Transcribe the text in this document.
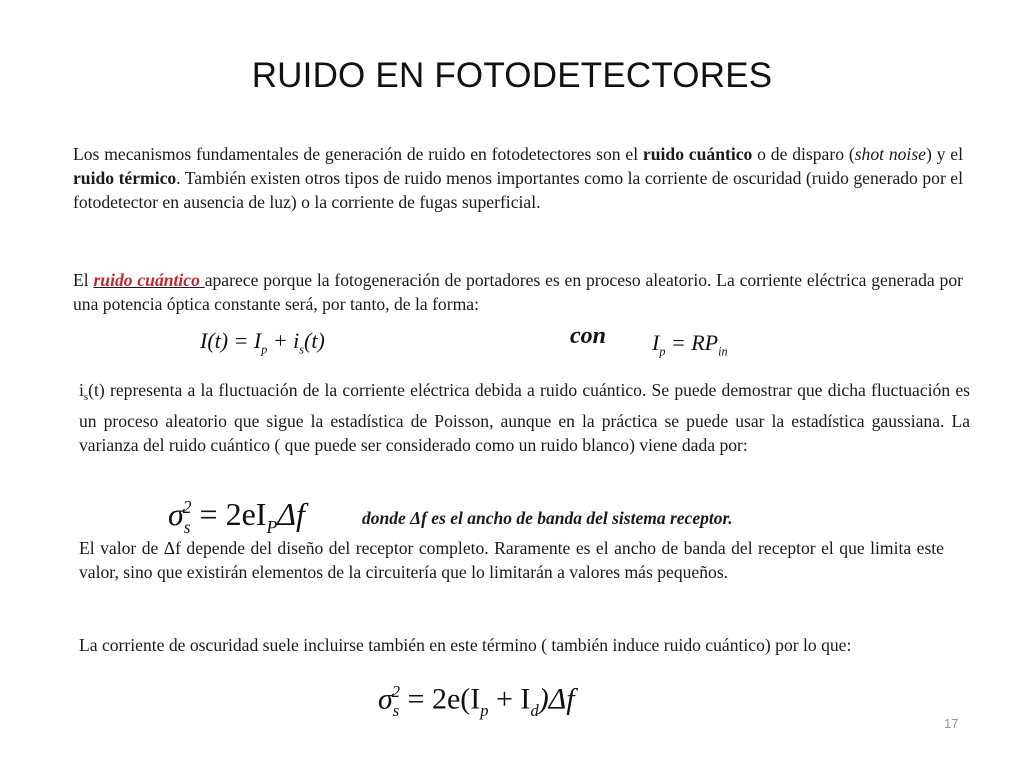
RUIDO EN FOTODETECTORES

Los mecanismos fundamentales de generación de ruido en fotodetectores son el ruido cuántico o de disparo (shot noise) y el ruido térmico. También existen otros tipos de ruido menos importantes como la corriente de oscuridad (ruido generado por el fotodetector en ausencia de luz) o la corriente de fugas superficial.

El ruido cuántico aparece porque la fotogeneración de portadores es en proceso aleatorio. La corriente eléctrica generada por una potencia óptica constante será, por tanto, de la forma:

$I(t) = I_p + i_s(t)$	con $I_p = RP_{in}$

$i_s(t)$ representa a la fluctuación de la corriente eléctrica debida a ruido cuántico. Se puede demostrar que dicha fluctuación es un proceso aleatorio que sigue la estadística de Poisson, aunque en la práctica se puede usar la estadística gaussiana. La varianza del ruido cuántico ( que puede ser considerado como un ruido blanco) viene dada por:

$\sigma_s^2 = 2eI_P\Delta f$	donde Δf es el ancho de banda del sistema receptor.

El valor de Δf depende del diseño del receptor completo. Raramente es el ancho de banda del receptor el que limita este valor, sino que existirán elementos de la circuitería que lo limitarán a valores más pequeños.

La corriente de oscuridad suele incluirse también en este término ( también induce ruido cuántico) por lo que:

$\sigma_s^2 = 2e(I_p + I_d)\Delta f$
17
